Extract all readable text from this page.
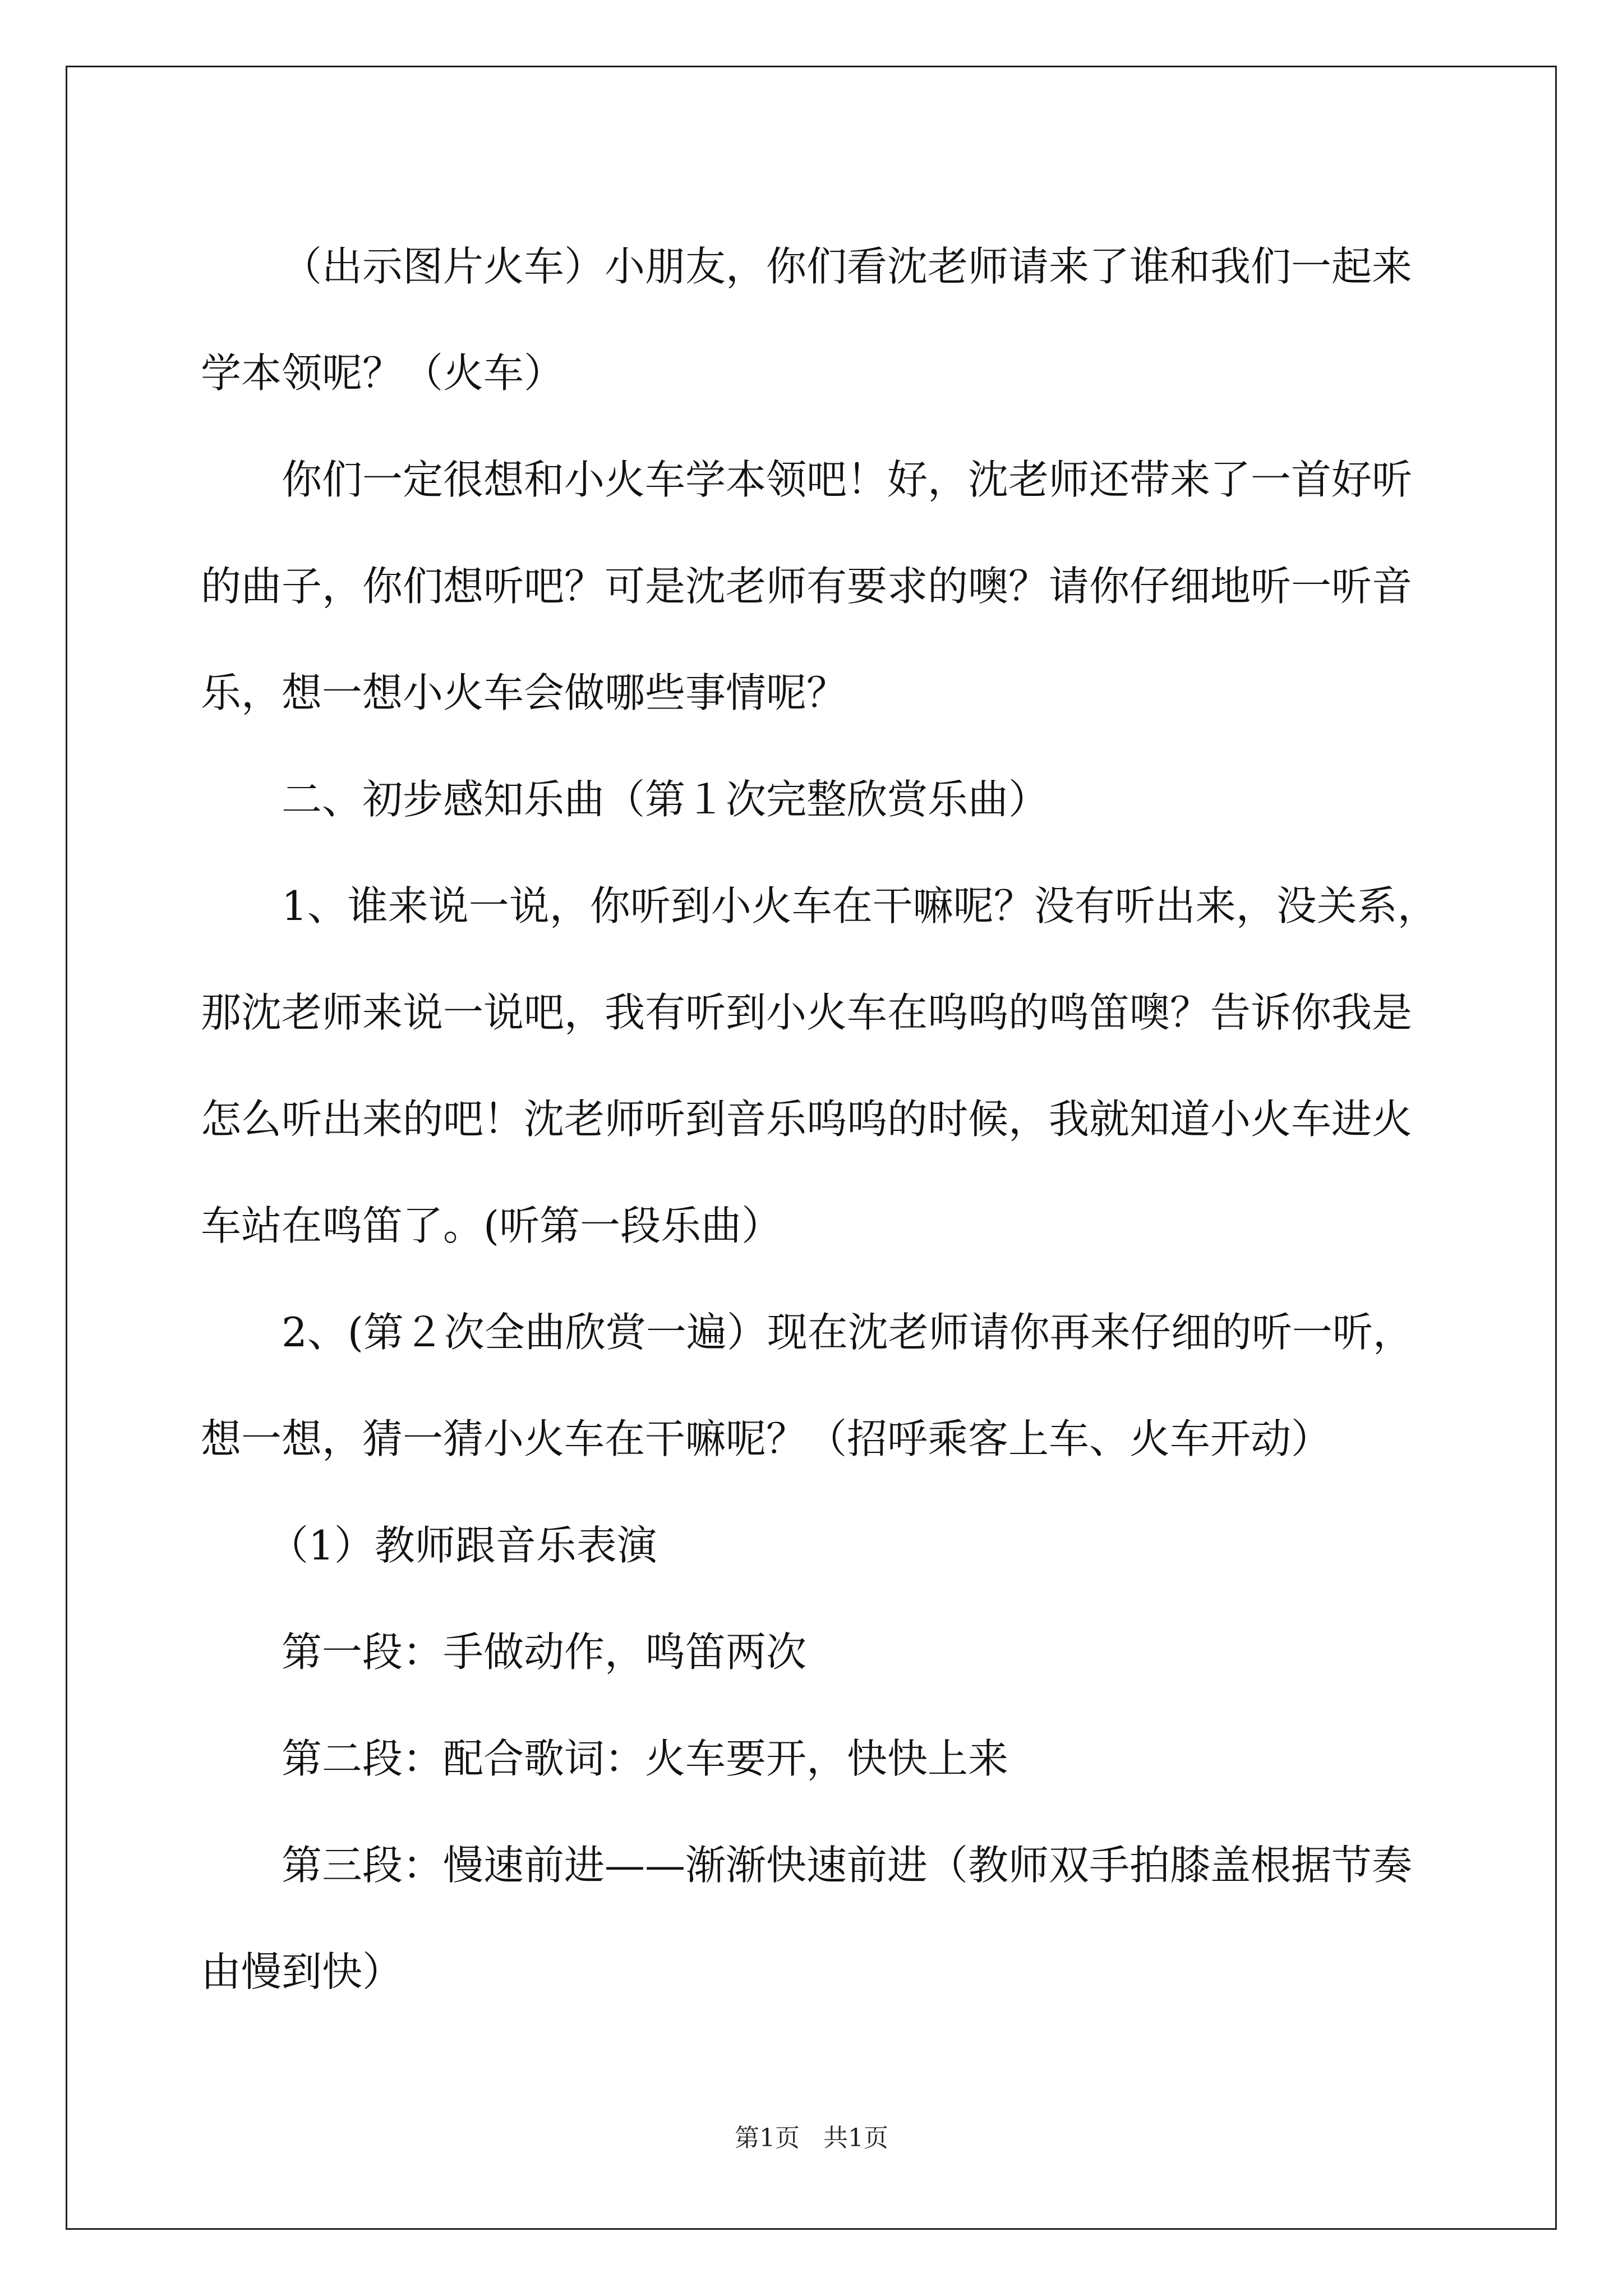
（出示图片火车）小朋友，你们看沈老师请来了谁和我们一起来学本领呢？（火车）

你们一定很想和小火车学本领吧！好，沈老师还带来了一首好听的曲子，你们想听吧？可是沈老师有要求的噢？请你仔细地听一听音乐，想一想小火车会做哪些事情呢？

二、初步感知乐曲（第１次完整欣赏乐曲）

1、谁来说一说，你听到小火车在干嘛呢？没有听出来，没关系，那沈老师来说一说吧，我有听到小火车在呜呜的鸣笛噢？告诉你我是怎么听出来的吧！沈老师听到音乐呜呜的时候，我就知道小火车进火车站在鸣笛了。(听第一段乐曲）

2、(第２次全曲欣赏一遍）现在沈老师请你再来仔细的听一听，想一想，猜一猜小火车在干嘛呢？（招呼乘客上车、火车开动）

（1）教师跟音乐表演

第一段：手做动作，鸣笛两次

第二段：配合歌词：火车要开，快快上来

第三段：慢速前进——渐渐快速前进（教师双手拍膝盖根据节奏由慢到快）

第1页 共1页
